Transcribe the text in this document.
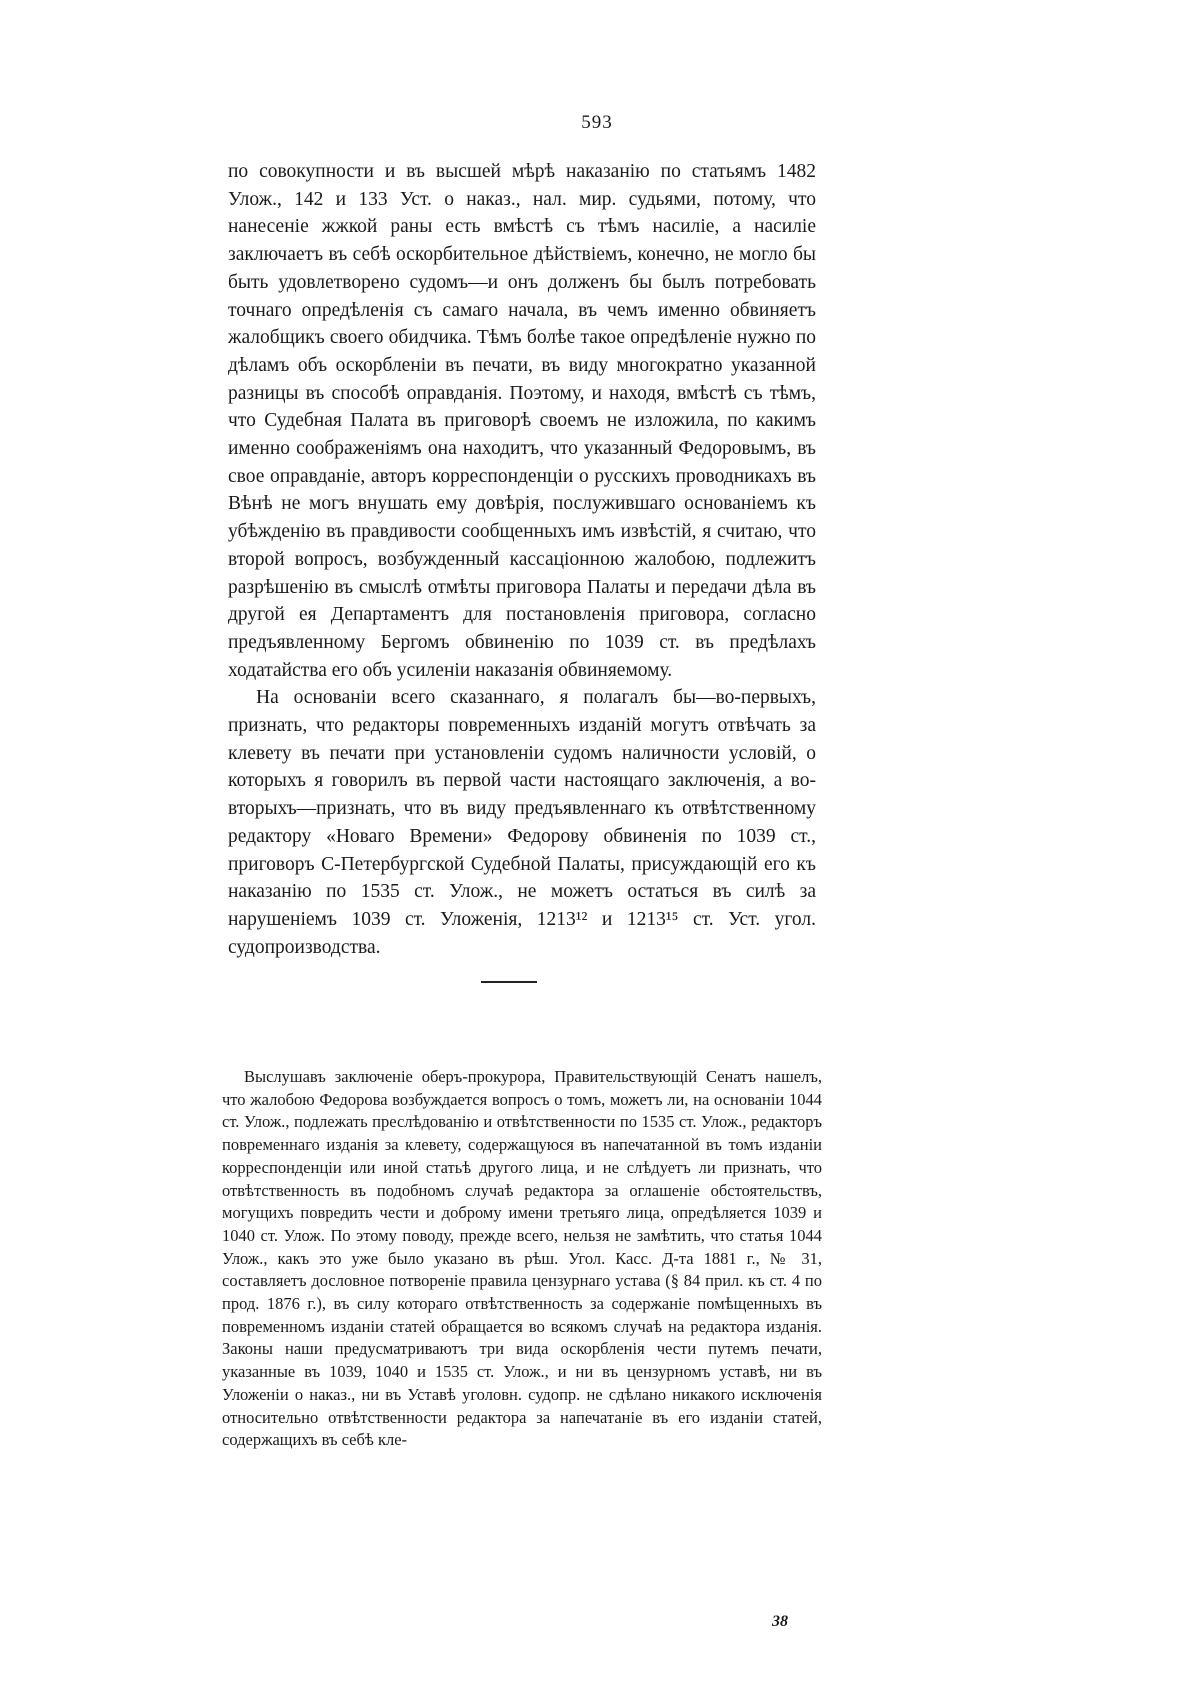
593

по совокупности и въ высшей мѣрѣ наказанію по статьямъ 1482 Улож., 142 и 133 Уст. о наказ., нал. мир. судьями, потому, что нанесеніе жжкой раны есть вмѣстѣ съ тѣмъ насиліе, а насиліе заключаетъ въ себѣ оскорбительное дѣйствіемъ, конечно, не могло бы быть удовлетворено судомъ—и онъ долженъ бы былъ потребовать точнаго опредѣленія съ самаго начала, въ чемъ именно обвиняетъ жалобщикъ своего обидчика. Тѣмъ болѣе такое опредѣленіе нужно по дѣламъ объ оскорбленіи въ печати, въ виду многократно указанной разницы въ способѣ оправданія. Поэтому, и находя, вмѣстѣ съ тѣмъ, что Судебная Палата въ приговорѣ своемъ не изложила, по какимъ именно соображеніямъ она находитъ, что указанный Федоровымъ, въ свое оправданіе, авторъ корреспонденціи о русскихъ проводникахъ въ Вѣнѣ не могъ внушать ему довѣрія, послужившаго основаніемъ къ убѣжденію въ правдивости сообщенныхъ имъ извѣстій, я считаю, что второй вопросъ, возбужденный кассаціонною жалобою, подлежитъ разрѣшенію въ смыслѣ отмѣты приговора Палаты и передачи дѣла въ другой ея Департаментъ для постановленія приговора, согласно предъявленному Бергомъ обвиненію по 1039 ст. въ предѣлахъ ходатайства его объ усиленіи наказанія обвиняемому.

На основаніи всего сказаннаго, я полагалъ бы—во-первыхъ, признать, что редакторы повременныхъ изданій могутъ отвѣчать за клевету въ печати при установленіи судомъ наличности условій, о которыхъ я говорилъ въ первой части настоящаго заключенія, а во-вторыхъ—признать, что въ виду предъявленнаго къ отвѣтственному редактору «Новаго Времени» Федорову обвиненія по 1039 ст., приговоръ С-Петербургской Судебной Палаты, присуждающій его къ наказанію по 1535 ст. Улож., не можетъ остаться въ силѣ за нарушеніемъ 1039 ст. Уложенія, 1213¹² и 1213¹⁵ ст. Уст. угол. судопроизводства.

Выслушавъ заключеніе оберъ-прокурора, Правительствующій Сенатъ нашелъ, что жалобою Федорова возбуждается вопросъ о томъ, можетъ ли, на основаніи 1044 ст. Улож., подлежать преслѣдованію и отвѣтственности по 1535 ст. Улож., редакторъ повременнаго изданія за клевету, содержащуюся въ напечатанной въ томъ изданіи корреспонденціи или иной статьѣ другого лица, и не слѣдуетъ ли признать, что отвѣтственность въ подобномъ случаѣ редактора за оглашеніе обстоятельствъ, могущихъ повредить чести и доброму имени третьяго лица, опредѣляется 1039 и 1040 ст. Улож. По этому поводу, прежде всего, нельзя не замѣтить, что статья 1044 Улож., какъ это уже было указано въ рѣш. Угол. Касс. Д-та 1881 г., № 31, составляетъ дословное потвореніе правила цензурнаго устава (§ 84 прил. къ ст. 4 по прод. 1876 г.), въ силу котораго отвѣтственность за содержаніе помѣщенныхъ въ повременномъ изданіи статей обращается во всякомъ случаѣ на редактора изданія. Законы наши предусматриваютъ три вида оскорбленія чести путемъ печати, указанные въ 1039, 1040 и 1535 ст. Улож., и ни въ цензурномъ уставѣ, ни въ Уложеніи о наказ., ни въ Уставѣ уголовн. судопр. не сдѣлано никакого исключенія относительно отвѣтственности редактора за напечатаніе въ его изданіи статей, содержащихъ въ себѣ кле-

38
